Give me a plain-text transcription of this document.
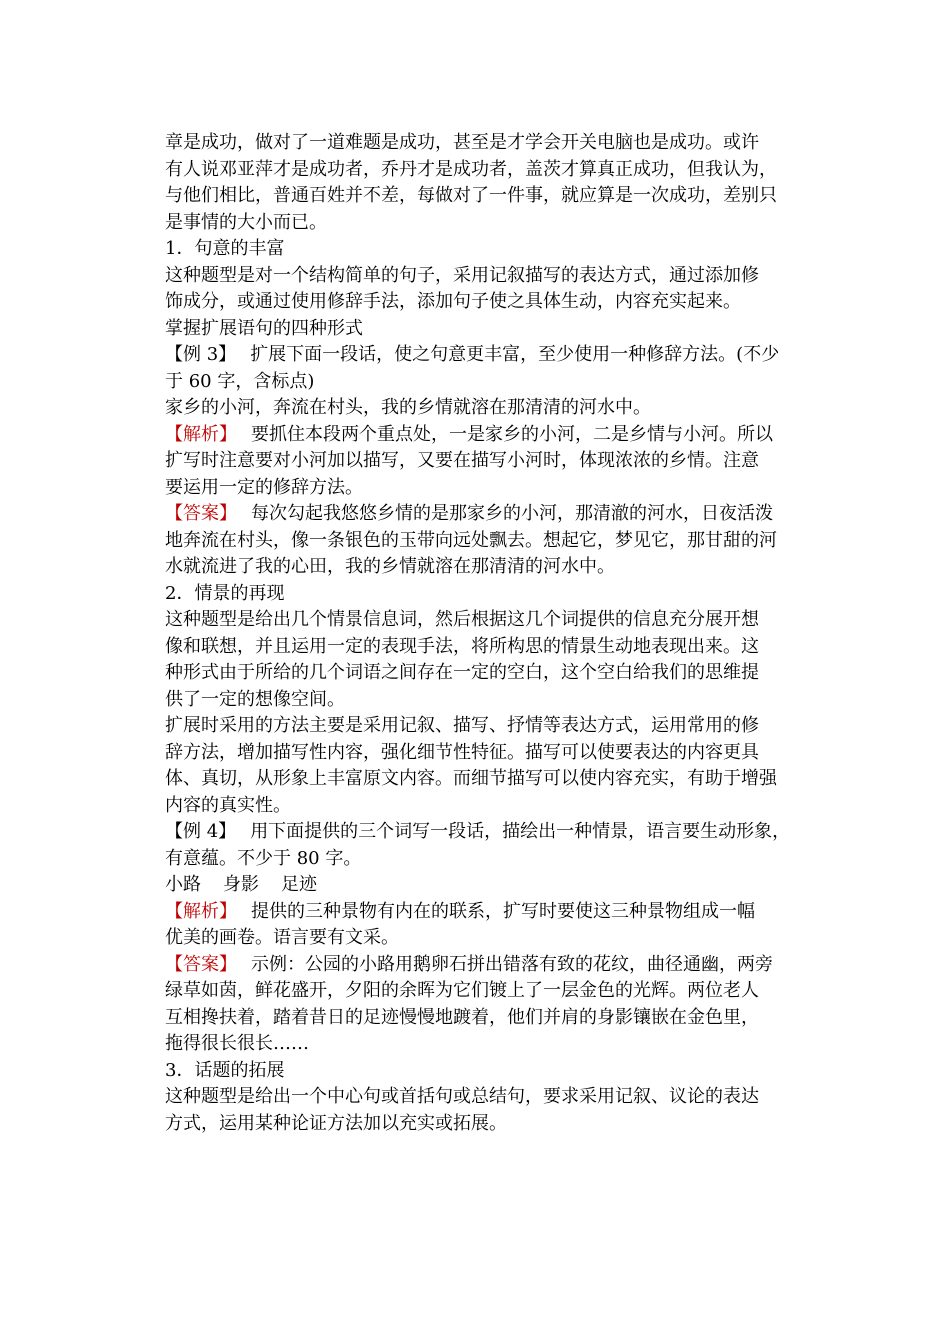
章是成功，做对了一道难题是成功，甚至是才学会开关电脑也是成功。或许
有人说邓亚萍才是成功者，乔丹才是成功者，盖茨才算真正成功，但我认为，
与他们相比，普通百姓并不差，每做对了一件事，就应算是一次成功，差别只
是事情的大小而已。
1．句意的丰富
这种题型是对一个结构简单的句子，采用记叙描写的表达方式，通过添加修
饰成分，或通过使用修辞手法，添加句子使之具体生动，内容充实起来。
掌握扩展语句的四种形式
【例 3】 扩展下面一段话，使之句意更丰富，至少使用一种修辞方法。(不少
于 60 字，含标点)
家乡的小河，奔流在村头，我的乡情就溶在那清清的河水中。
【解析】 要抓住本段两个重点处，一是家乡的小河，二是乡情与小河。所以
扩写时注意要对小河加以描写，又要在描写小河时，体现浓浓的乡情。注意
要运用一定的修辞方法。
【答案】 每次勾起我悠悠乡情的是那家乡的小河，那清澈的河水，日夜活泼
地奔流在村头，像一条银色的玉带向远处飘去。想起它，梦见它，那甘甜的河
水就流进了我的心田，我的乡情就溶在那清清的河水中。
2．情景的再现
这种题型是给出几个情景信息词，然后根据这几个词提供的信息充分展开想
像和联想，并且运用一定的表现手法，将所构思的情景生动地表现出来。这
种形式由于所给的几个词语之间存在一定的空白，这个空白给我们的思维提
供了一定的想像空间。
扩展时采用的方法主要是采用记叙、描写、抒情等表达方式，运用常用的修
辞方法，增加描写性内容，强化细节性特征。描写可以使要表达的内容更具
体、真切，从形象上丰富原文内容。而细节描写可以使内容充实，有助于增强
内容的真实性。
【例 4】 用下面提供的三个词写一段话，描绘出一种情景，语言要生动形象，
有意蕴。不少于 80 字。
小路 身影 足迹
【解析】 提供的三种景物有内在的联系，扩写时要使这三种景物组成一幅
优美的画卷。语言要有文采。
【答案】 示例：公园的小路用鹅卵石拼出错落有致的花纹，曲径通幽，两旁
绿草如茵，鲜花盛开，夕阳的余晖为它们镀上了一层金色的光辉。两位老人
互相搀扶着，踏着昔日的足迹慢慢地踱着，他们并肩的身影镶嵌在金色里，
拖得很长很长……
3．话题的拓展
这种题型是给出一个中心句或首括句或总结句，要求采用记叙、议论的表达
方式，运用某种论证方法加以充实或拓展。
